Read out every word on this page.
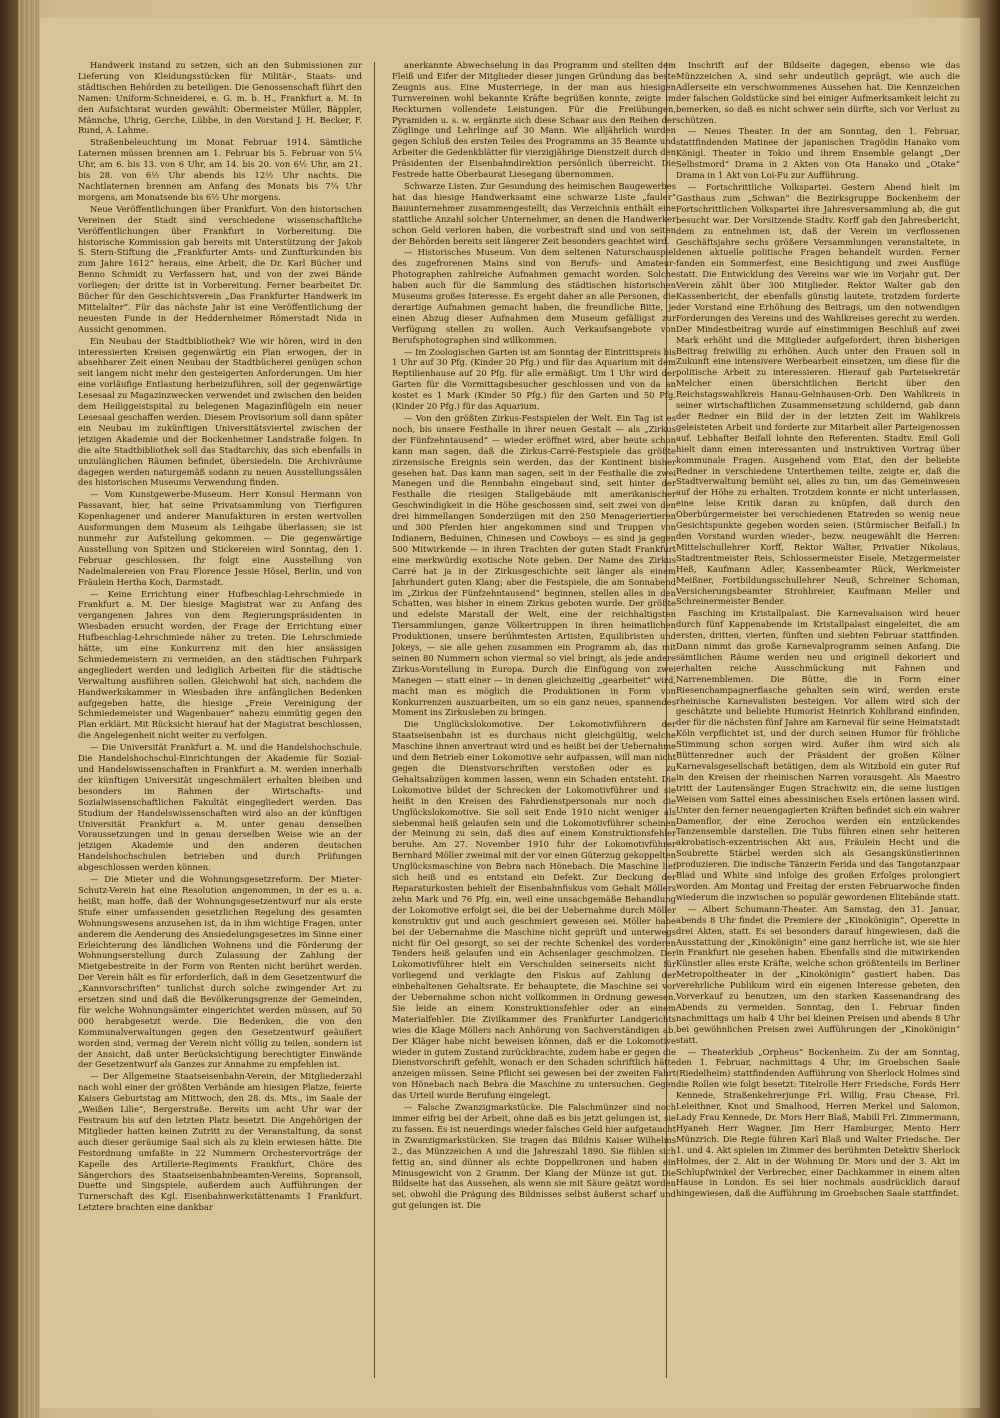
Handwerk instand zu setzen, sich an den Submissionen zur Lieferung von Kleidungsstücken für Militär-, Staats- und städtischen Behörden zu beteiligen. Die Genossenschaft führt den Namen: Uniform-Schneiderei, e. G. m. b. H., Frankfurt a. M. In den Aufsichtsrat wurden gewählt: Obermeister Müller, Bäppler, Männche, Uhrig, Gerche, Lübbe, in den Vorstand J. H. Becker, F. Rund, A. Lahme.

Straßenbeleuchtung im Monat Februar 1914. Sämtliche Laternen müssen brennen am 1. Februar bis 5. Februar von 5¼ Uhr, am 6. bis 13. von 6 Uhr, am 14. bis 20. von 6½ Uhr, am 21. bis 28. von 6½ Uhr abends bis 12½ Uhr nachts. Die Nachtlaternen brennen am Anfang des Monats bis 7¼ Uhr morgens, am Monatsende bis 6½ Uhr morgens.

Neue Veröffentlichungen über Frankfurt. Von den historischen Vereinen der Stadt sind verschiedene wissenschaftliche Veröffentlichungen über Frankfurt in Vorbereitung. Die historische Kommission gab bereits mit Unterstützung der Jakob S. Stern-Stiftung die „Frankfurter Amts- und Zunfturkunden bis zum Jahre 1612“ heraus, eine Arbeit, die Dr. Karl Bücher und Benno Schmidt zu Verfassern hat, und von der zwei Bände vorliegen; der dritte ist in Vorbereitung. Ferner bearbeitet Dr. Bücher für den Geschichtsverein „Das Frankfurter Handwerk im Mittelalter“. Für das nächste Jahr ist eine Veröffentlichung der neuesten Funde in der Heddernheimer Römerstadt Nida in Aussicht genommen.

Ein Neubau der Stadtbibliothek? Wie wir hören, wird in den interessierten Kreisen gegenwärtig ein Plan erwogen, der in absehbarer Zeit einen Neubau der Stadtbücherei genügen schon seit langem nicht mehr den gesteigerten Anforderungen. Um hier eine vorläufige Entlastung herbeizuführen, soll der gegenwärtige Lesesaal zu Magazinzwecken verwendet und zwischen den beiden dem Heiliggeistspital zu belegenen Magazinflügeln ein neuer Lesesaal geschaffen werden. Diesem Provisorium soll dann später ein Neubau im zukünftigen Universitätsviertel zwischen der jetzigen Akademie und der Bockenheimer Landstraße folgen. In die alte Stadtbibliothek soll das Stadtarchiv, das sich ebenfalls in unzulänglichen Räumen befindet, übersiedeln. Die Archivräume dagegen werden naturgemäß sodann zu neuen Ausstellungssälen des historischen Museums Verwendung finden.

— Vom Kunstgewerbe-Museum. Herr Konsul Hermann von Passavant, hier, hat seine Privatsammlung von Tierfiguren Kopenhagener und anderer Manufakturen in ersten wertvollen Ausformungen dem Museum als Leihgabe überlassen; sie ist nunmehr zur Aufstellung gekommen. — Die gegenwärtige Ausstellung von Spitzen und Stickereien wird Sonntag, den 1. Februar geschlossen. Ihr folgt eine Ausstellung von Nadelmalereien von Frau Florence Jessie Hösel, Berlin, und von Fräulein Hertha Koch, Darmstadt.

— Keine Errichtung einer Hufbeschlag-Lehrschmiede in Frankfurt a. M. Der hiesige Magistrat war zu Anfang des vergangenen Jahres von dem Regierungspräsidenten in Wiesbaden ersucht worden, der Frage der Errichtung einer Hufbeschlag-Lehrschmiede näher zu treten. Die Lehrschmiede hätte, um eine Konkurrenz mit den hier ansässigen Schmiedemeistern zu vermeiden, an den städtischen Fuhrpark angegliedert werden und lediglich Arbeiten für die städtische Verwaltung ausführen sollen. Gleichwohl hat sich, nachdem die Handwerkskammer in Wiesbaden ihre anfänglichen Bedenken aufgegeben hatte, die hiesige „Freie Vereinigung der Schmiedemeister und Wagenbauer“ nahezu einmütig gegen den Plan erklärt. Mit Rücksicht hierauf hat der Magistrat beschlossen, die Angelegenheit nicht weiter zu verfolgen.

— Die Universität Frankfurt a. M. und die Handelshochschule. Die Handelshochschul-Einrichtungen der Akademie für Sozial- und Handelswissenschaften in Frankfurt a. M. werden innerhalb der künftigen Universität ungeschmälert erhalten bleiben und besonders im Rahmen der Wirtschafts- und Sozialwissenschaftlichen Fakultät eingegliedert werden. Das Studium der Handelswissenschaften wird also an der künftigen Universität Frankfurt a. M. unter genau denselben Voraussetzungen und in genau derselben Weise wie an der jetzigen Akademie und den anderen deutschen Handelshochschulen betrieben und durch Prüfungen abgeschlossen werden können.

— Die Mieter und die Wohnungsgesetzreform. Der Mieter-Schutz-Verein hat eine Resolution angenommen, in der es u. a. heißt, man hoffe, daß der Wohnungsgesetzentwurf nur als erste Stufe einer umfassenden gesetzlichen Regelung des gesamten Wohnungswesens anzusehen ist, da in ihm wichtige Fragen, unter anderem die Aenderung des Ansiedelungsgesetzes im Sinne einer Erleichterung des ländlichen Wohnens und die Förderung der Wohnungserstellung durch Zulassung der Zahlung der Mietgebestreite in der Form von Renten nicht berührt werden. Der Verein hält es für erforderlich, daß in dem Gesetzentwurf die „Kannvorschriften“ tunlichst durch solche zwingender Art zu ersetzen sind und daß die Bevölkerungsgrenze der Gemeinden, für welche Wohnungsämter eingerichtet werden müssen, auf 50 000 herabgesetzt werde. Die Bedenken, die von den Kommunalverwaltungen gegen den Gesetzentwurf geäußert worden sind, vermag der Verein nicht völlig zu teilen, sondern ist der Ansicht, daß unter Berücksichtigung berechtigter Einwände der Gesetzentwurf als Ganzes zur Annahme zu empfehlen ist.

— Der Allgemeine Staatseisenbahn-Verein, der Mitgliederzahl nach wohl einer der größten Verbände am hiesigen Platze, feierte Kaisers Geburtstag am Mittwoch, den 28. ds. Mts., im Saale der „Weißen Lilie“, Bergerstraße. Bereits um acht Uhr war der Festraum bis auf den letzten Platz besetzt. Die Angehörigen der Mitglieder hatten keinen Zutritt zu der Veranstaltung, da sonst auch dieser geräumige Saal sich als zu klein erwiesen hätte. Die Festordnung umfaßte in 22 Nummern Orchestervorträge der Kapelle des Artillerie-Regiments Frankfurt, Chöre des Sängerchors des Staatseisenbahnbeamten-Vereins, Sopransoli, Duette und Singspiele, außerdem auch Aufführungen der Turnerschaft des Kgl. Eisenbahnwerkstättenamts 1 Frankfurt. Letztere brachten eine dankbar

anerkannte Abwechselung in das Programm und stellten dem Fleiß und Eifer der Mitglieder dieser jungen Gründung das beste Zeugnis aus. Eine Musterriege, in der man aus hiesigen Turnvereinen wohl bekannte Kräfte begrüßen konnte, zeigte im Reckturnen vollendete Leistungen. Für die Freiübungen, Pyramiden u. s. w. ergänzte sich diese Schaar aus den Reihen der Zöglinge und Lehrlinge auf 30 Mann. Wie alljährlich wurden gegen Schluß des ersten Teiles des Programms an 35 Beamte und Arbeiter die Gedenkblätter für vierzigjährige Dienstzeit durch den Präsidenten der Eisenbahndirektion persönlich überreicht. Die Festrede hatte Oberbaurat Liesegang übernommen.

Schwarze Listen. Zur Gesundung des heimischen Baugewerbes hat das hiesige Handwerksamt eine schwarze Liste „fauler“ Bauunternehmer zusammengestellt; das Verzeichnis enthält eine stattliche Anzahl solcher Unternehmer, an denen die Handwerker schon Geld verloren haben, die vorbestraft sind und von seiten der Behörden bereits seit längerer Zeit besonders geachtet wird.

— Historisches Museum. Von dem seltenen Naturschauspiel des zugefrorenen Mains sind von Berufs- und Amateur-Photographen zahlreiche Aufnahmen gemacht worden. Solche haben auch für die Sammlung des städtischen historischen Museums großes Interesse. Es ergeht daher an alle Personen, die derartige Aufnahmen gemacht haben, die freundliche Bitte, je einen Abzug dieser Aufnahmen dem Museum gefälligst zur Verfügung stellen zu wollen. Auch Verkaufsangebote von Berufsphotographen sind willkommen.

— Im Zoologischen Garten ist am Sonntag der Eintrittspreis bis 1 Uhr auf 30 Pfg. (Kinder 20 Pfg.) und für das Aquarium mit dem Reptilienhause auf 20 Pfg. für alle ermäßigt. Um 1 Uhr wird der Garten für die Vormittagsbesucher geschlossen und von da an kostet es 1 Mark (Kinder 50 Pfg.) für den Garten und 50 Pfg. (Kinder 20 Pfg.) für das Aquarium.

— Von den größten Zirkus-Festspielen der Welt. Ein Tag ist es noch, bis unsere Festhalle in ihrer neuen Gestalt — als „Zirkus der Fünfzehntausend“ — wieder eröffnet wird, aber heute schon kann man sagen, daß die Zirkus-Carré-Festspiele das größte zirzensische Ereignis sein werden, das der Kontinent bisher gesehen hat. Das kann man sagen, seit in der Festhalle die zwei Manegen und die Rennbahn eingebaut sind, seit hinter der Festhalle die riesigen Stallgebäude mit amerikanischer Geschwindigkeit in die Höhe geschossen sind, seit zwei von den drei himmellangen Sonderzügen mit den 250 Menageriertieren und 300 Pferden hier angekommen sind und Truppen von Indianern, Beduinen, Chinesen und Cowboys — es sind ja gegen 500 Mitwirkende — in ihren Trachten der guten Stadt Frankfurt eine merkwürdig exotische Note geben. Der Name des Zirkus Carré hat ja in der Zirkusgeschichte seit länger als einem Jahrhundert guten Klang; aber die Festspiele, die am Sonnabend im „Zirkus der Fünfzehntausend“ beginnen, stellen alles in den Schatten, was bisher in einem Zirkus geboten wurde. Der größte und edelste Marstall der Welt, eine der reichhaltigsten Tiersammlungen, ganze Völkertruppen in ihren heimatlichen Produktionen, unsere berühmtesten Artisten, Equilibristen und Jokeys, — sie alle gehen zusammen ein Programm ab, das mit seinen 80 Nummern schon viermal so viel bringt, als jede andere Zirkus-Vorstellung in Europa. Durch die Einfügung von zwei Manegen — statt einer — in denen gleichzeitig „gearbeitet“ wird, macht man es möglich die Produktionen in Form von Konkurrenzen auszuarbeiten, um so ein ganz neues, spannendes Moment ins Zirkusleben zu bringen.

Die Unglückslokomotive. Der Lokomotivführern der Staatseisenbahn ist es durchaus nicht gleichgültig, welche Maschine ihnen anvertraut wird und es heißt bei der Uebernahme und dem Betrieb einer Lokomotive sehr aufpassen, will man nicht gegen die Dienstvorschriften verstoßen oder es zu Gehaltsabzügen kommen lassen, wenn ein Schaden entsteht. Die Lokomotive bildet der Schrecken der Lokomotivführer und sie heißt in den Kreisen des Fahrdienstpersonals nur noch die Unglückslokomotive. Sie soll seit Ende 1910 nicht weniger als siebenmal heiß gelaufen sein und die Lokomotivführer scheinen der Meinung zu sein, daß dies auf einem Konstruktionsfehler beruhe. Am 27. November 1910 fuhr der Lokomotivführer Bernhard Möller zweimal mit der vor einen Güterzug gekoppelten Unglücksmaschine von Bebra nach Hönebach. Die Maschine lief sich heiß und es entstand ein Defekt. Zur Deckung der Reparaturkosten behielt der Eisenbahnfiskus vom Gehalt Möllers zehn Mark und 76 Pfg. ein, weil eine unsachgemäße Behandlung der Lokomotive erfolgt sei, die bei der Uebernahme durch Möller konstruktiv gut und auch geschmiert gewesen sei. Möller habe bei der Uebernahme die Maschine nicht geprüft und unterwegs nicht für Oel gesorgt, so sei der rechte Schenkel des vorderen Tenders heiß gelaufen und ein Achsenlager geschmolzen. Der Lokomotivführer hielt ein Verschulden seinerseits nicht für vorliegend und verklagte den Fiskus auf Zahlung der einbehaltenen Gehaltsrate. Er behauptete, die Maschine sei vor der Uebernahme schon nicht vollkommen in Ordnung gewesen. Sie leide an einem Konstruktionsfehler oder an einem Materialfehler. Die Zivilkammer des Frankfurter Landgerichts wies die Klage Möllers nach Anhörung von Sachverständigen ab. Der Kläger habe nicht beweisen können, daß er die Lokomotive wieder in gutem Zustand zurückbrachte, zudem habe er gegen die Dienstvorschrift gefehlt, wonach er den Schaden schriftlich hätte anzeigen müssen. Seine Pflicht sei gewesen bei der zweiten Fahrt von Hönebach nach Bebra die Maschine zu untersuchen. Gegen das Urteil wurde Berufung eingelegt.

— Falsche Zwanzigmarkstücke. Die Falschmünzer sind noch immer eifrig bei der Arbeit, ohne daß es bis jetzt gelungen ist, sie zu fassen. Es ist neuerdings wieder falsches Geld hier aufgetaucht in Zwanzigmarkstücken. Sie tragen das Bildnis Kaiser Wilhelms 2., das Münzzeichen A und die Jahreszahl 1890. Sie fühlen sich fettig an, sind dünner als echte Doppelkronen und haben ein Minusgewicht von 2 Gramm. Der Klang der Münze ist gut. Die Bildseite hat das Aussehen, als wenn sie mit Säure geätzt worden sei, obwohl die Prägung des Bildnisses selbst äußerst scharf und gut gelungen ist. Die

Inschrift auf der Bildseite dagegen, ebenso wie das Münzzeichen A, sind sehr undeutlich geprägt, wie auch die Adlerseite ein verschwommenes Aussehen hat. Die Kennzeichen der falschen Goldstücke sind bei einiger Aufmerksamkeit leicht zu bemerken, so daß es nicht schwer sein dürfte, sich vor Verlust zu schützen.

— Neues Theater. In der am Sonntag, den 1. Februar, stattfindenden Matinee der japanischen Tragödin Hanako vom Königl. Theater in Tokio und ihrem Ensemble gelangt „Der Selbstmord“ Drama in 2 Akten von Ota Hanako und „Otake“ Drama in 1 Akt von Loi-Fu zur Aufführung.

— Fortschrittliche Volkspartei. Gestern Abend hielt im Gasthaus zum „Schwan“ die Bezirksgruppe Bockenheim der Fortschrittlichen Volkspartei ihre Jahresversammlung ab, die gut besucht war. Der Vorsitzende Stadtv. Korff gab den Jahresbericht, dem zu entnehmen ist, daß der Verein im verflossenen Geschäftsjahre sechs größere Versammlungen veranstaltete, in denen aktuelle politische Fragen behandelt wurden. Ferner fanden ein Sommerfest, eine Besichtigung und zwei Ausflüge statt. Die Entwicklung des Vereins war wie im Vorjahr gut. Der Verein zählt über 300 Mitglieder. Rektor Walter gab den Kassenbericht, der ebenfalls günstig lautete, trotzdem forderte der Vorstand eine Erhöhung des Beitrags, um den notwendigen Forderungen des Vereins und des Wahlkreises gerecht zu werden. Der Mindestbeitrag wurde auf einstimmigen Beschluß auf zwei Mark erhöht und die Mitglieder aufgefordert, ihren bisherigen Beitrag freiwillig zu erhöhen. Auch unter den Frauen soll in Zukunft eine intensivere Werbearbeit einsetzen, um diese für die politische Arbeit zu interessieren. Hierauf gab Parteisekretär Melcher einen übersichtlichen Bericht über den Reichstagswahlkreis Hanau-Gelnhausen-Orb. Den Wahlkreis in seiner wirtschaftlichen Zusammensetzung schildernd, gab dann der Redner ein Bild der in der letzten Zeit im Wahlkreis geleisteten Arbeit und forderte zur Mitarbeit aller Parteigenossen auf. Lebhafter Beifall lohnte den Referenten. Stadtv. Emil Goll hielt dann einen interessanten und instruktiven Vortrag über kommunale Fragen. Ausgehend vom Etat, den der beliebte Redner in verschiedene Unterthemen teilte, zeigte er, daß die Stadtverwaltung bemüht sei, alles zu tun, um das Gemeinwesen auf der Höhe zu erhalten. Trotzdem konnte er nicht unterlassen, eine leise Kritik daran zu knüpfen, daß durch den Oberbürgermeister bei verschiedenen Etatreden so wenig neue Gesichtspunkte gegeben worden seien. (Stürmischer Beifall.) In den Vorstand wurden wieder-, bezw. neugewählt die Herren: Mittelschullehrer Korff, Rektor Walter, Privatier Nikolaus, Stadtrentmeister Reis, Schlossermeister Eisele, Metzgermeister Heß, Kaufmann Adler, Kassenbeamter Rück, Werkmeister Meißner, Fortbildungsschullehrer Neuß, Schreiner Schoman, Versicherungsbeamter Strohbreier, Kaufmann Meller und Schreinermeister Bender.

Fasching im Kristallpalast. Die Karnevalsaison wird heuer durch fünf Kappenabende im Kristallpalast eingeleitet, die am ersten, dritten, vierten, fünften und siebten Februar stattfinden. Dann nimmt das große Karnevalprogramm seinen Anfang. Die sämtlichen Räume werden neu und originell dekoriert und erhalten reiche Ausschmückung mit Fahnen und Narrenemblemen. Die Bütte, die in Form einer Riesenchampagnerflasche gehalten sein wird, werden erste rheinische Karnevalisten besteigen. Vor allem wird sich der geschätzte und beliebte Humorist Heinrich Kohlbrand einfinden, der für die nächsten fünf Jahre am Karneval für seine Heimatstadt Köln verpflichtet ist, und der durch seinen Humor für fröhliche Stimmung schon sorgen wird. Außer ihm wird sich als Büttenredner auch der Präsident der großen Kölner Karnevalsgesellschaft betätigen, dem als Witzbold ein guter Ruf in den Kreisen der rheinischen Narren vorausgeht. Als Maestro tritt der Lautensänger Eugen Strachwitz ein, die seine lustigen Weisen vom Sattel eines abessinischen Esels ertönen lassen wird. Unter den ferner neuengagierten Kräften befindet sich ein wahrer Damenflor, der eine Zerochos werden ein entzückendes Tanzensemble darstellen. Die Tubs führen einen sehr heiteren akrobatisch-exzentrischen Akt aus, Fräulein Hecht und die Soubrette Stärbel werden sich als Gesangskünstlerinnen produzieren. Die indische Tänzerin Ferida und das Tangotanzpaar Blad und White sind infolge des großen Erfolges prolongiert worden. Am Montag und Freitag der ersten Februarwoche finden wiederum die inzwischen so populär gewordenen Elitebände statt.

— Albert Schumann-Theater. Am Samstag, den 31. Januar, abends 8 Uhr findet die Premiere der „Kinokönigin“, Operette in drei Akten, statt. Es sei besonders darauf hingewiesen, daß die Ausstattung der „Kinokönigin“ eine ganz herrliche ist, wie sie hier in Frankfurt nie gesehen haben. Ebenfalls sind die mitwirkenden Künstler alles erste Kräfte, welche schon größtenteils im Berliner Metropoltheater in der „Kinokönigin“ gastiert haben. Das verehrliche Publikum wird ein eigenen Interesse gebeten, den Vorverkauf zu benutzen, um den starken Kassenandrang des Abends zu vermeiden. Sonntag, den 1. Februar finden nachmittags um halb 4 Uhr bei kleinen Preisen und abends 8 Uhr bei gewöhnlichen Preisen zwei Aufführungen der „Kinokönigin“ statt.

— Theaterklub „Orpheus“ Bockenheim. Zu der am Sonntag, den 1. Februar, nachmittags 4 Uhr, im Groebschen Saale (Riedelheim) stattfindenden Aufführung von Sherlock Holmes sind die Rollen wie folgt besetzt: Titelrolle Herr Friedsche, Fords Herr Kennede, Straßenkehrerjunge Frl. Willig, Frau Chease, Frl. Leleithner, Knot und Smalhood, Herren Merkel und Salomon, Lady Frau Kennede, Dr. Mors Herr Blaß, Mabill Frl. Zimmermann, Hyaneh Herr Wagner, Jim Herr Hamburger, Mento Herr Münzrich. Die Regie führen Karl Blaß und Walter Friedsche. Der 1. und 4. Akt spielen im Zimmer des berühmten Detektiv Sherlock Holmes, der 2. Akt in der Wohnung Dr. Mors und der 3. Akt im Schlupfwinkel der Verbrecher, einer Dachkammer in einem alten Hause in London. Es sei hier nochmals ausdrücklich darauf hingewiesen, daß die Aufführung im Groebschen Saale stattfindet.
